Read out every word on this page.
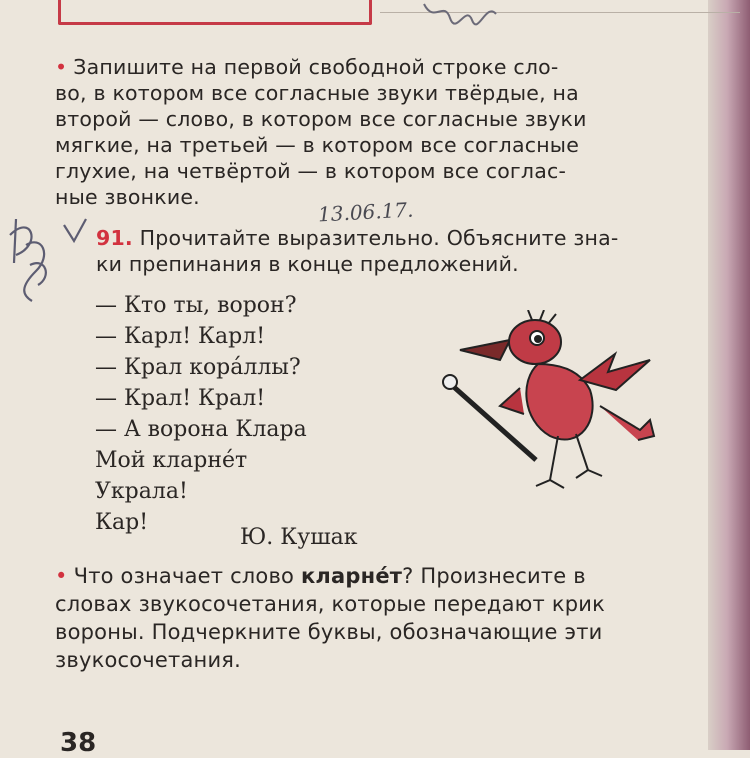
• Запишите на первой свободной строке сло-
во, в котором все согласные звуки твёрдые, на
второй — слово, в котором все согласные звуки
мягкие, на третьей — в котором все согласные
глухие, на четвёртой — в котором все соглас-
ные звонкие.
13.06.17.
91. Прочитайте выразительно. Объясните зна-
ки препинания в конце предложений.
— Кто ты, ворон?
— Карл! Карл!
— Крал кора́ллы?
— Крал! Крал!
— А ворона Клара
Мой кларне́т
Украла!
Кар!
Ю. Кушак
• Что означает слово кларне́т? Произнесите в
словах звукосочетания, которые передают крик
вороны. Подчеркните буквы, обозначающие эти
звукосочетания.
38
